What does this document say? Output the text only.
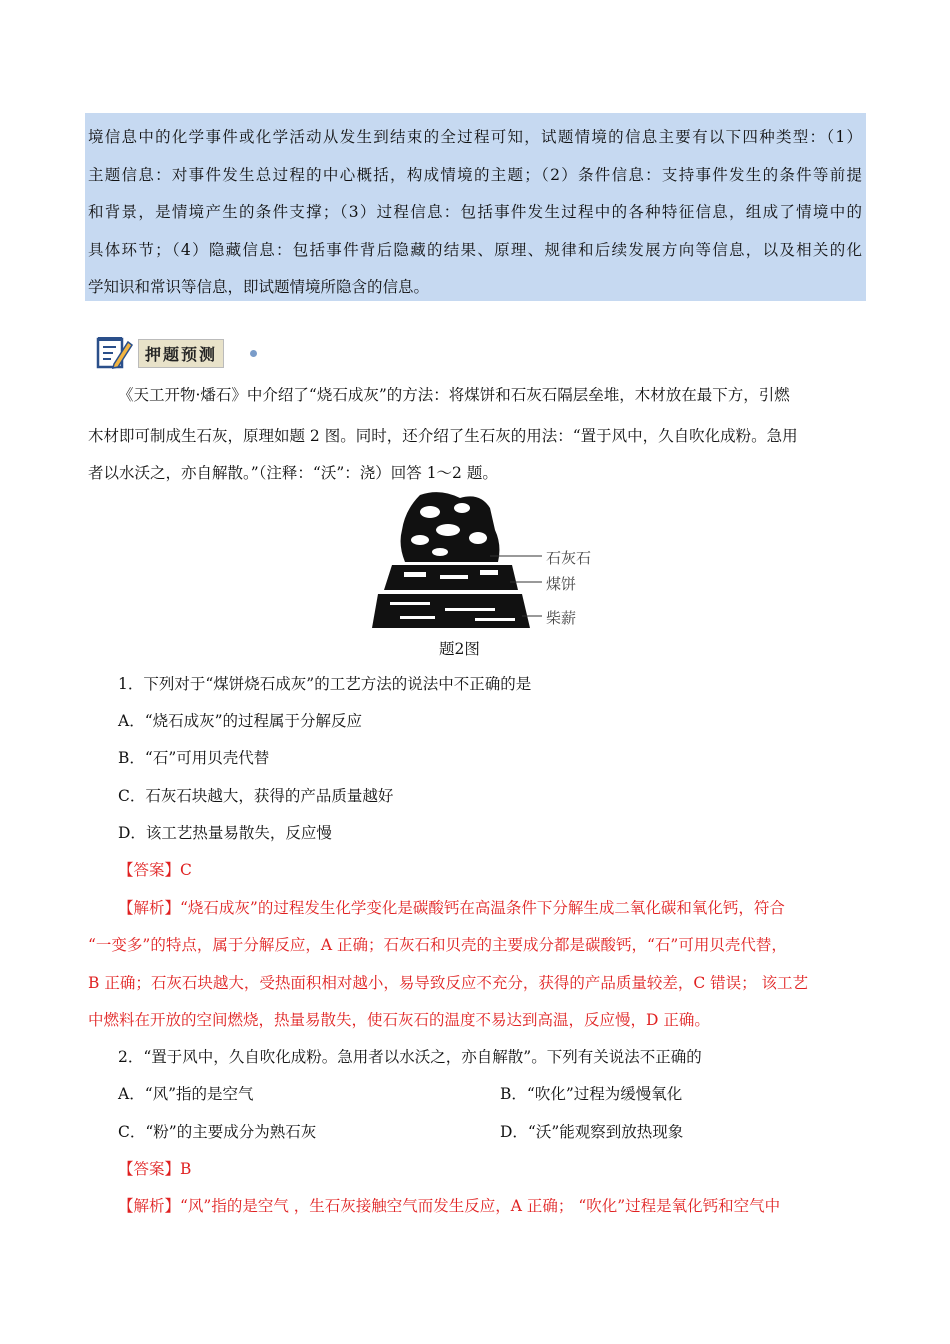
境信息中的化学事件或化学活动从发生到结束的全过程可知，试题情境的信息主要有以下四种类型：（1）

主题信息：对事件发生总过程的中心概括，构成情境的主题；（2）条件信息：支持事件发生的条件等前提

和背景，是情境产生的条件支撑；（3）过程信息：包括事件发生过程中的各种特征信息，组成了情境中的

具体环节；（4）隐藏信息：包括事件背后隐藏的结果、原理、规律和后续发展方向等信息，以及相关的化

学知识和常识等信息，即试题情境所隐含的信息。

押题预测

《天工开物·燔石》中介绍了“烧石成灰”的方法：将煤饼和石灰石隔层垒堆，木材放在最下方，引燃

木材即可制成生石灰，原理如题 2 图。同时，还介绍了生石灰的用法：“置于风中，久自吹化成粉。急用

者以水沃之，亦自解散。”（注释：“沃”：浇）回答 1～2 题。

石灰石
煤饼
柴薪
题2图

1．下列对于“煤饼烧石成灰”的工艺方法的说法中不正确的是

A．“烧石成灰”的过程属于分解反应

B．“石”可用贝壳代替

C．石灰石块越大，获得的产品质量越好

D．该工艺热量易散失，反应慢

【答案】C

【解析】“烧石成灰”的过程发生化学变化是碳酸钙在高温条件下分解生成二氧化碳和氧化钙，符合

“一变多”的特点，属于分解反应，A 正确；石灰石和贝壳的主要成分都是碳酸钙，“石”可用贝壳代替，

B 正确；石灰石块越大，受热面积相对越小，易导致反应不充分，获得的产品质量较差，C 错误； 该工艺

中燃料在开放的空间燃烧，热量易散失，使石灰石的温度不易达到高温，反应慢，D 正确。

2．“置于风中，久自吹化成粉。急用者以水沃之，亦自解散”。下列有关说法不正确的

A．“风”指的是空气	B．“吹化”过程为缓慢氧化

C．“粉”的主要成分为熟石灰	D．“沃”能观察到放热现象

【答案】B

【解析】“风”指的是空气 ，生石灰接触空气而发生反应，A 正确； “吹化”过程是氧化钙和空气中
